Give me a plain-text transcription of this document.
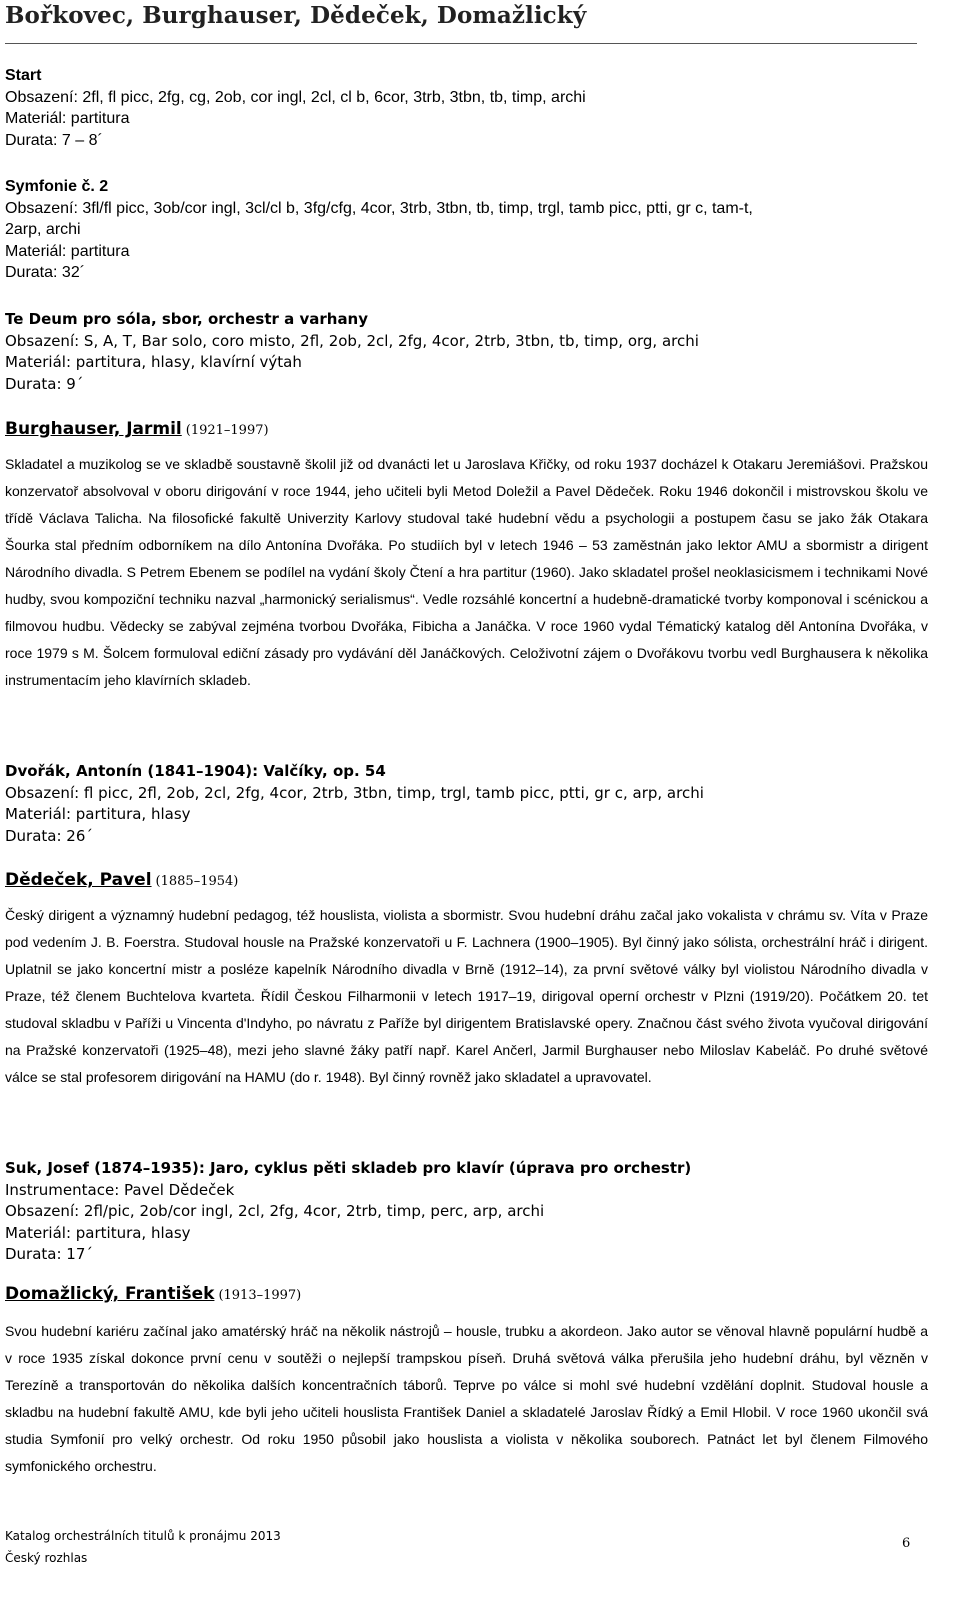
Bořkovec, Burghauser, Dědeček, Domažlický
Start
Obsazení: 2fl, fl picc, 2fg, cg, 2ob, cor ingl, 2cl, cl b, 6cor, 3trb, 3tbn, tb, timp, archi
Materiál: partitura
Durata: 7 – 8´
Symfonie č. 2
Obsazení: 3fl/fl picc, 3ob/cor ingl, 3cl/cl b, 3fg/cfg, 4cor, 3trb, 3tbn, tb, timp, trgl, tamb picc, ptti, gr c, tam-t,
2arp, archi
Materiál: partitura
Durata: 32´
Te Deum pro sóla, sbor, orchestr a varhany
Obsazení: S, A, T, Bar solo, coro misto, 2fl, 2ob, 2cl, 2fg, 4cor, 2trb, 3tbn, tb, timp, org, archi
Materiál: partitura, hlasy, klavírní výtah
Durata: 9´
Burghauser, Jarmil (1921–1997)

Skladatel a muzikolog se ve skladbě soustavně školil již od dvanácti let u Jaroslava Křičky, od roku 1937 docházel k Otakaru Jeremiášovi. Pražskou konzervatoř absolvoval v oboru dirigování v roce 1944, jeho učiteli byli Metod Doležil a Pavel Dědeček. Roku 1946 dokončil i mistrovskou školu ve třídě Václava Talicha. Na filosofické fakultě Univerzity Karlovy studoval také hudební vědu a psychologii a postupem času se jako žák Otakara Šourka stal předním odborníkem na dílo Antonína Dvořáka. Po studiích byl v letech 1946 – 53 zaměstnán jako lektor AMU a sbormistr a dirigent Národního divadla. S Petrem Ebenem se podílel na vydání školy Čtení a hra partitur (1960). Jako skladatel prošel neoklasicismem i technikami Nové hudby, svou kompoziční techniku nazval „harmonický serialismus“. Vedle rozsáhlé koncertní a hudebně-dramatické tvorby komponoval i scénickou a filmovou hudbu. Vědecky se zabýval zejména tvorbou Dvořáka, Fibicha a Janáčka. V roce 1960 vydal Tématický katalog děl Antonína Dvořáka, v roce 1979 s M. Šolcem formuloval ediční zásady pro vydávání děl Janáčkových. Celoživotní zájem o Dvořákovu tvorbu vedl Burghausera k několika instrumentacím jeho klavírních skladeb.

Dvořák, Antonín (1841–1904): Valčíky, op. 54
Obsazení: fl picc, 2fl, 2ob, 2cl, 2fg, 4cor, 2trb, 3tbn, timp, trgl, tamb picc, ptti, gr c, arp, archi
Materiál: partitura, hlasy
Durata: 26´
Dědeček, Pavel (1885–1954)

Český dirigent a významný hudební pedagog, též houslista, violista a sbormistr. Svou hudební dráhu začal jako vokalista v chrámu sv. Víta v Praze pod vedením J. B. Foerstra. Studoval housle na Pražské konzervatoři u F. Lachnera (1900–1905). Byl činný jako sólista, orchestrální hráč i dirigent. Uplatnil se jako koncertní mistr a posléze kapelník Národního divadla v Brně (1912–14), za první světové války byl violistou Národního divadla v Praze, též členem Buchtelova kvarteta. Řídil Českou Filharmonii v letech 1917–19, dirigoval operní orchestr v Plzni (1919/20). Počátkem 20. tet studoval skladbu v Paříži u Vincenta d'Indyho, po návratu z Paříže byl dirigentem Bratislavské opery. Značnou část svého života vyučoval dirigování na Pražské konzervatoři (1925–48), mezi jeho slavné žáky patří např. Karel Ančerl, Jarmil Burghauser nebo Miloslav Kabeláč. Po druhé světové válce se stal profesorem dirigování na HAMU (do r. 1948). Byl činný rovněž jako skladatel a upravovatel.

Suk, Josef (1874–1935): Jaro, cyklus pěti skladeb pro klavír (úprava pro orchestr)
Instrumentace: Pavel Dědeček
Obsazení: 2fl/pic, 2ob/cor ingl, 2cl, 2fg, 4cor, 2trb, timp, perc, arp, archi
Materiál: partitura, hlasy
Durata: 17´
Domažlický, František (1913–1997)

Svou hudební kariéru začínal jako amatérský hráč na několik nástrojů – housle, trubku a akordeon. Jako autor se věnoval hlavně populární hudbě a v roce 1935 získal dokonce první cenu v soutěži o nejlepší trampskou píseň. Druhá světová válka přerušila jeho hudební dráhu, byl vězněn v Terezíně a transportován do několika dalších koncentračních táborů. Teprve po válce si mohl své hudební vzdělání doplnit. Studoval housle a skladbu na hudební fakultě AMU, kde byli jeho učiteli houslista František Daniel a skladatelé Jaroslav Řídký a Emil Hlobil. V roce 1960 ukončil svá studia Symfonií pro velký orchestr. Od roku 1950 působil jako houslista a violista v několika souborech. Patnáct let byl členem Filmového symfonického orchestru.

Katalog orchestrálních titulů k pronájmu 2013
Český rozhlas
6
